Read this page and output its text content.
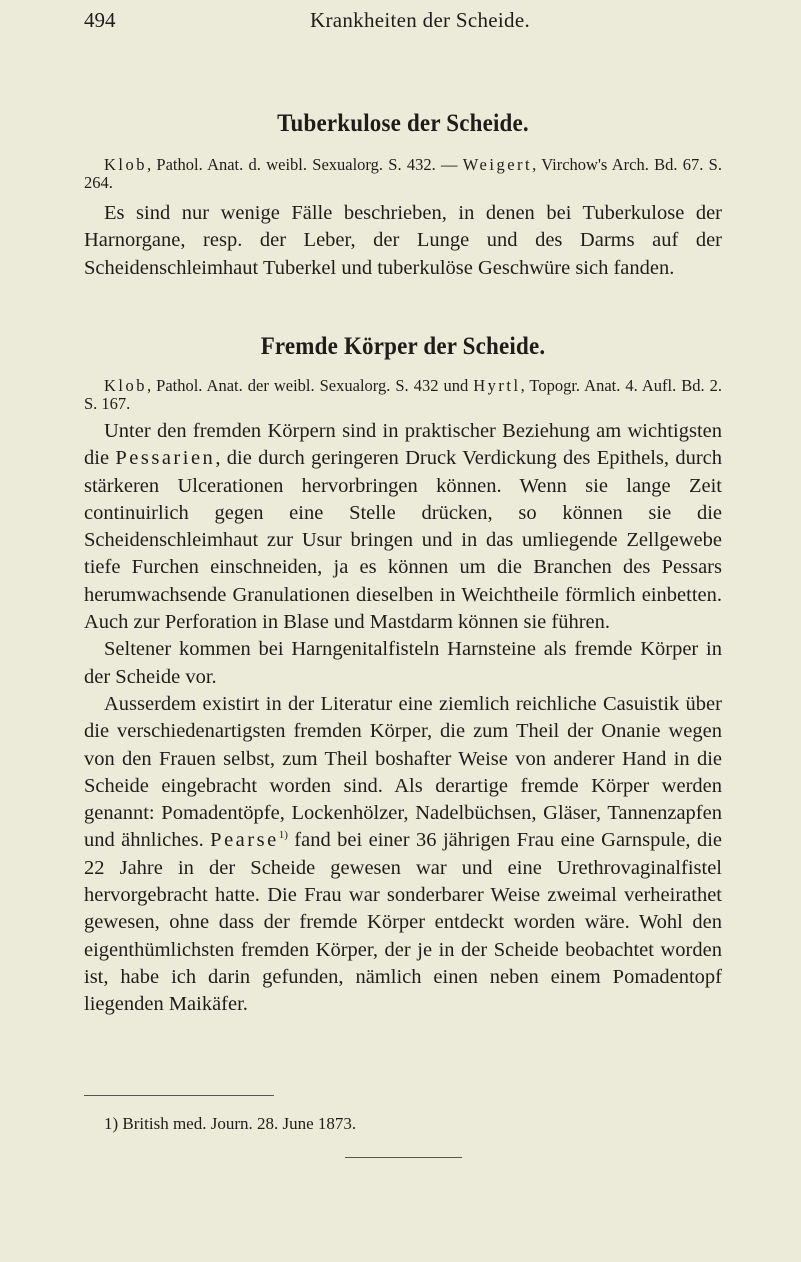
494	Krankheiten der Scheide.
Tuberkulose der Scheide.

Klob, Pathol. Anat. d. weibl. Sexualorg. S. 432. — Weigert, Virchow's Arch. Bd. 67. S. 264.

Es sind nur wenige Fälle beschrieben, in denen bei Tuberkulose der Harnorgane, resp. der Leber, der Lunge und des Darms auf der Scheidenschleimhaut Tuberkel und tuberkulöse Geschwüre sich fanden.

Fremde Körper der Scheide.

Klob, Pathol. Anat. der weibl. Sexualorg. S. 432 und Hyrtl, Topogr. Anat. 4. Aufl. Bd. 2. S. 167.

Unter den fremden Körpern sind in praktischer Beziehung am wichtigsten die Pessarien, die durch geringeren Druck Verdickung des Epithels, durch stärkeren Ulcerationen hervorbringen können. Wenn sie lange Zeit continuirlich gegen eine Stelle drücken, so können sie die Scheidenschleimhaut zur Usur bringen und in das umliegende Zellgewebe tiefe Furchen einschneiden, ja es können um die Branchen des Pessars herumwachsende Granulationen dieselben in Weichtheile förmlich einbetten. Auch zur Perforation in Blase und Mastdarm können sie führen.

Seltener kommen bei Harngenitalfisteln Harnsteine als fremde Körper in der Scheide vor.

Ausserdem existirt in der Literatur eine ziemlich reichliche Casuistik über die verschiedenartigsten fremden Körper, die zum Theil der Onanie wegen von den Frauen selbst, zum Theil boshafter Weise von anderer Hand in die Scheide eingebracht worden sind. Als derartige fremde Körper werden genannt: Pomadentöpfe, Lockenhölzer, Nadelbüchsen, Gläser, Tannenzapfen und ähnliches. Pearse$^{1)}$ fand bei einer 36 jährigen Frau eine Garnspule, die 22 Jahre in der Scheide gewesen war und eine Urethrovaginalfistel hervorgebracht hatte. Die Frau war sonderbarer Weise zweimal verheirathet gewesen, ohne dass der fremde Körper entdeckt worden wäre. Wohl den eigenthümlichsten fremden Körper, der je in der Scheide beobachtet worden ist, habe ich darin gefunden, nämlich einen neben einem Pomadentopf liegenden Maikäfer.

1) British med. Journ. 28. June 1873.
